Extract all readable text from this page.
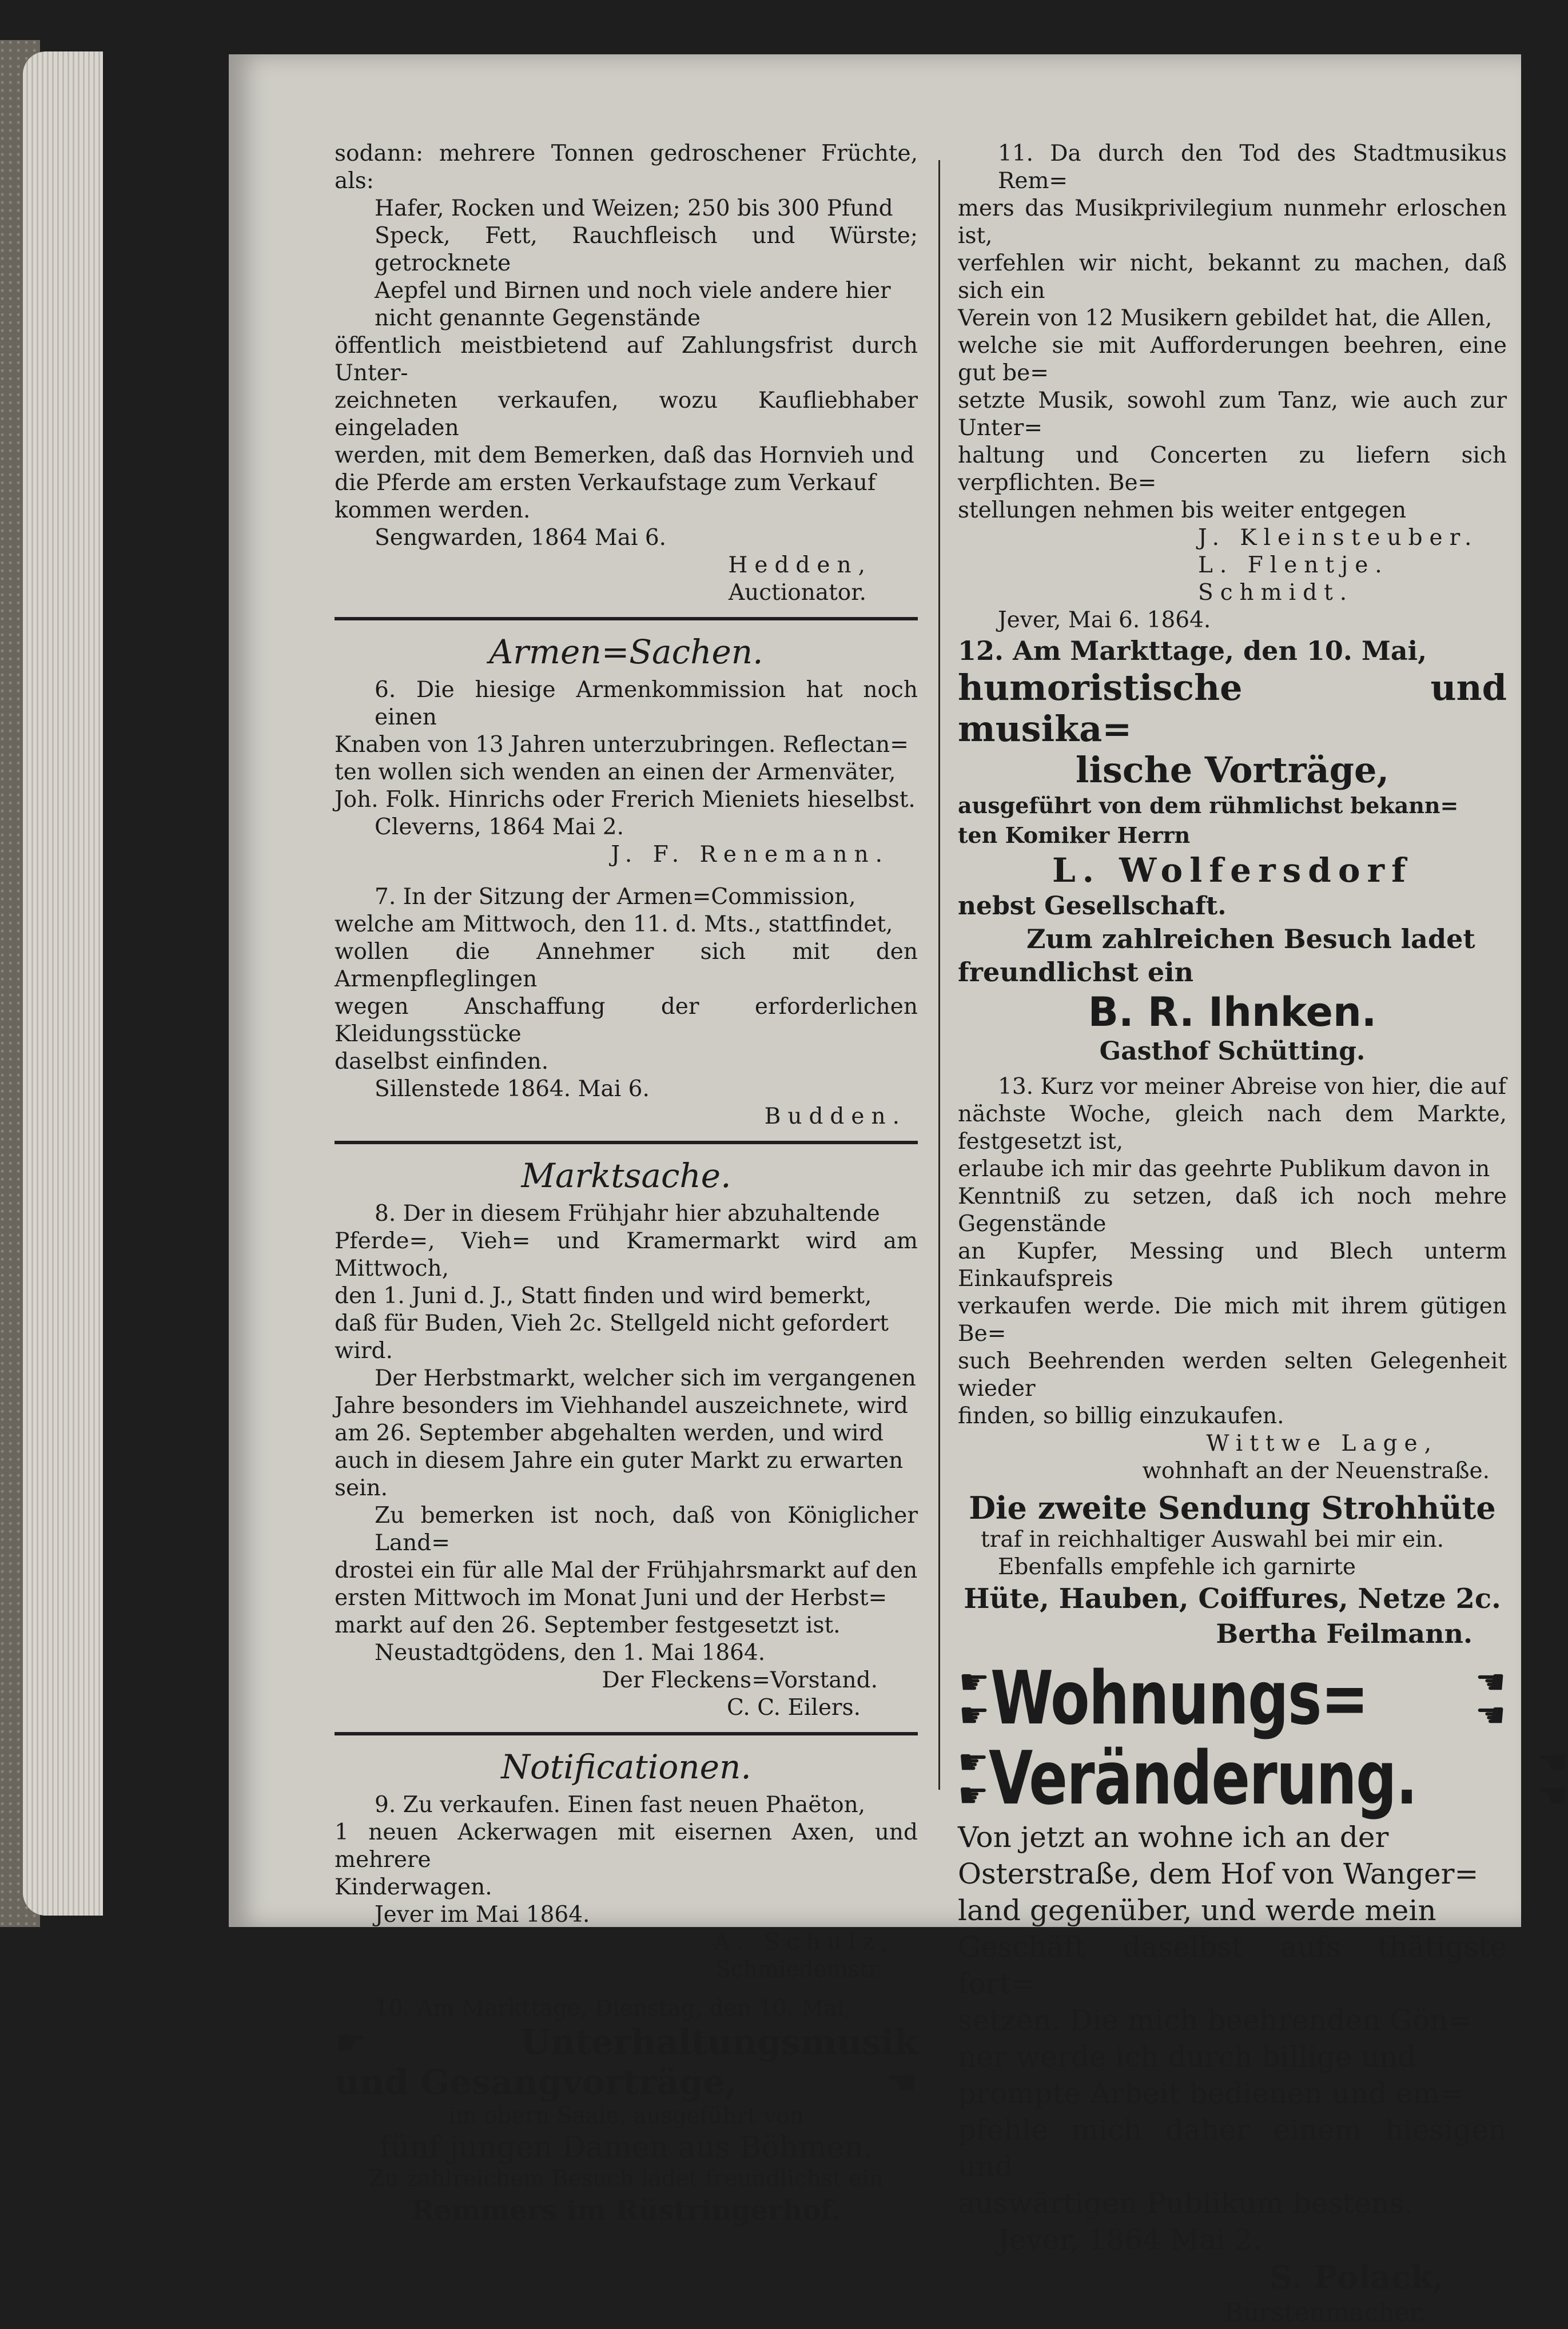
sodann: mehrere Tonnen gedroschener Früchte, als:

Hafer, Rocken und Weizen; 250 bis 300 Pfund

Speck, Fett, Rauchfleisch und Würste; getrocknete

Aepfel und Birnen und noch viele andere hier

nicht genannte Gegenstände

öffentlich meistbietend auf Zahlungsfrist durch Unter-

zeichneten verkaufen, wozu Kaufliebhaber eingeladen

werden, mit dem Bemerken, daß das Hornvieh und

die Pferde am ersten Verkaufstage zum Verkauf

kommen werden.

Sengwarden, 1864 Mai 6.

Hedden,

Auctionator.

Armen=Sachen.

6. Die hiesige Armenkommission hat noch einen

Knaben von 13 Jahren unterzubringen. Reflectan=

ten wollen sich wenden an einen der Armenväter,

Joh. Folk. Hinrichs oder Frerich Mieniets hieselbst.

Cleverns, 1864 Mai 2.

J. F. Renemann.

7. In der Sitzung der Armen=Commission,

welche am Mittwoch, den 11. d. Mts., stattfindet,

wollen die Annehmer sich mit den Armenpfleglingen

wegen Anschaffung der erforderlichen Kleidungsstücke

daselbst einfinden.

Sillenstede 1864. Mai 6.

Budden.

Marktsache.

8. Der in diesem Frühjahr hier abzuhaltende

Pferde=, Vieh= und Kramermarkt wird am Mittwoch,

den 1. Juni d. J., Statt finden und wird bemerkt,

daß für Buden, Vieh 2c. Stellgeld nicht gefordert

wird.

Der Herbstmarkt, welcher sich im vergangenen

Jahre besonders im Viehhandel auszeichnete, wird

am 26. September abgehalten werden, und wird

auch in diesem Jahre ein guter Markt zu erwarten

sein.

Zu bemerken ist noch, daß von Königlicher Land=

drostei ein für alle Mal der Frühjahrsmarkt auf den

ersten Mittwoch im Monat Juni und der Herbst=

markt auf den 26. September festgesetzt ist.

Neustadtgödens, den 1. Mai 1864.

Der Fleckens=Vorstand.

C. C. Eilers.

Notificationen.

9. Zu verkaufen. Einen fast neuen Phaëton,

1 neuen Ackerwagen mit eisernen Axen, und mehrere

Kinderwagen.

Jever im Mai 1864.

A. Schulz,

Schmiedemstr.

10. Am Markttage, Dienstag, den 10. Mai,

☛	Unterhaltungsmusik
und Gesangvorträge,	☚

im obern Saale, ausgeführt von

fünf jungen Damen aus Böhmen.

Zu zahlreichem Besuch ladet freundlichst ein

Remmers im Rüstringerhof.

11. Da durch den Tod des Stadtmusikus Rem=

mers das Musikprivilegium nunmehr erloschen ist,

verfehlen wir nicht, bekannt zu machen, daß sich ein

Verein von 12 Musikern gebildet hat, die Allen,

welche sie mit Aufforderungen beehren, eine gut be=

setzte Musik, sowohl zum Tanz, wie auch zur Unter=

haltung und Concerten zu liefern sich verpflichten. Be=

stellungen nehmen bis weiter entgegen

J. Kleinsteuber.

L. Flentje.

Schmidt.

Jever, Mai 6. 1864.

12. Am Markttage, den 10. Mai,

humoristische und musika=

lische Vorträge,

ausgeführt von dem rühmlichst bekann=

ten Komiker Herrn

L. Wolfersdorf

nebst Gesellschaft.

Zum zahlreichen Besuch ladet

freundlichst ein

B. R. Ihnken.

Gasthof Schütting.

13. Kurz vor meiner Abreise von hier, die auf

nächste Woche, gleich nach dem Markte, festgesetzt ist,

erlaube ich mir das geehrte Publikum davon in

Kenntniß zu setzen, daß ich noch mehre Gegenstände

an Kupfer, Messing und Blech unterm Einkaufspreis

verkaufen werde. Die mich mit ihrem gütigen Be=

such Beehrenden werden selten Gelegenheit wieder

finden, so billig einzukaufen.

Wittwe Lage,

wohnhaft an der Neuenstraße.

Die zweite Sendung Strohhüte

traf in reichhaltiger Auswahl bei mir ein.

Ebenfalls empfehle ich garnirte

Hüte, Hauben, Coiffures, Netze 2c.

Bertha Feilmann.

☛
☛ Wohnungs=	☚
☚
☛
☛ Veränderung.	☚
☚

Von jetzt an wohne ich an der

Osterstraße, dem Hof von Wanger=

land gegenüber, und werde mein

Geschäft daselbst aufs thätigste fort=

setzen. Die mich beehrenden Gön=

ner werde ich durch billige und

prompte Arbeit bedienen und em=

pfehle mich daher einem hiesigen und

auswärtigen Publikum bestens.

Jever, 1864 Mai 2.

S. Polack,

Bürstenmacher.
